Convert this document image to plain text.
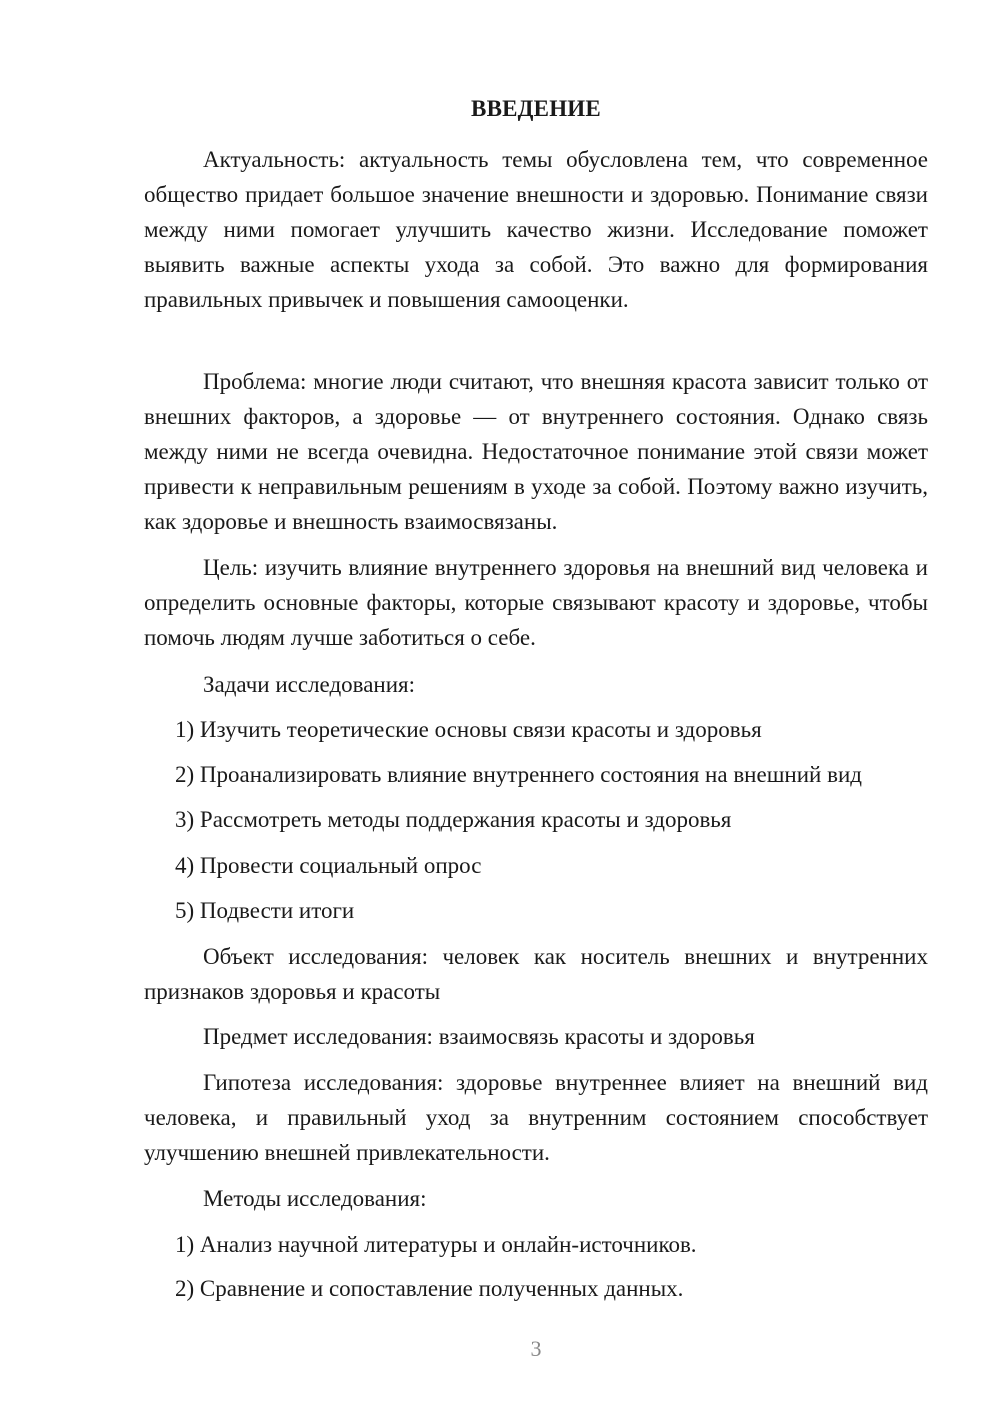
ВВЕДЕНИЕ

Актуальность: актуальность темы обусловлена тем, что современное общество придает большое значение внешности и здоровью. Понимание связи между ними помогает улучшить качество жизни. Исследование поможет выявить важные аспекты ухода за собой. Это важно для формирования правильных привычек и повышения самооценки.

Проблема: многие люди считают, что внешняя красота зависит только от внешних факторов, а здоровье — от внутреннего состояния. Однако связь между ними не всегда очевидна. Недостаточное понимание этой связи может привести к неправильным решениям в уходе за собой. Поэтому важно изучить, как здоровье и внешность взаимосвязаны.

Цель: изучить влияние внутреннего здоровья на внешний вид человека и определить основные факторы, которые связывают красоту и здоровье, чтобы помочь людям лучше заботиться о себе.

Задачи исследования:

1) Изучить теоретические основы связи красоты и здоровья

2) Проанализировать влияние внутреннего состояния на внешний вид

3) Рассмотреть методы поддержания красоты и здоровья

4) Провести социальный опрос

5) Подвести итоги

Объект исследования: человек как носитель внешних и внутренних признаков здоровья и красоты

Предмет исследования: взаимосвязь красоты и здоровья

Гипотеза исследования: здоровье внутреннее влияет на внешний вид человека, и правильный уход за внутренним состоянием способствует улучшению внешней привлекательности.

Методы исследования:

1) Анализ научной литературы и онлайн-источников.

2) Сравнение и сопоставление полученных данных.

3
